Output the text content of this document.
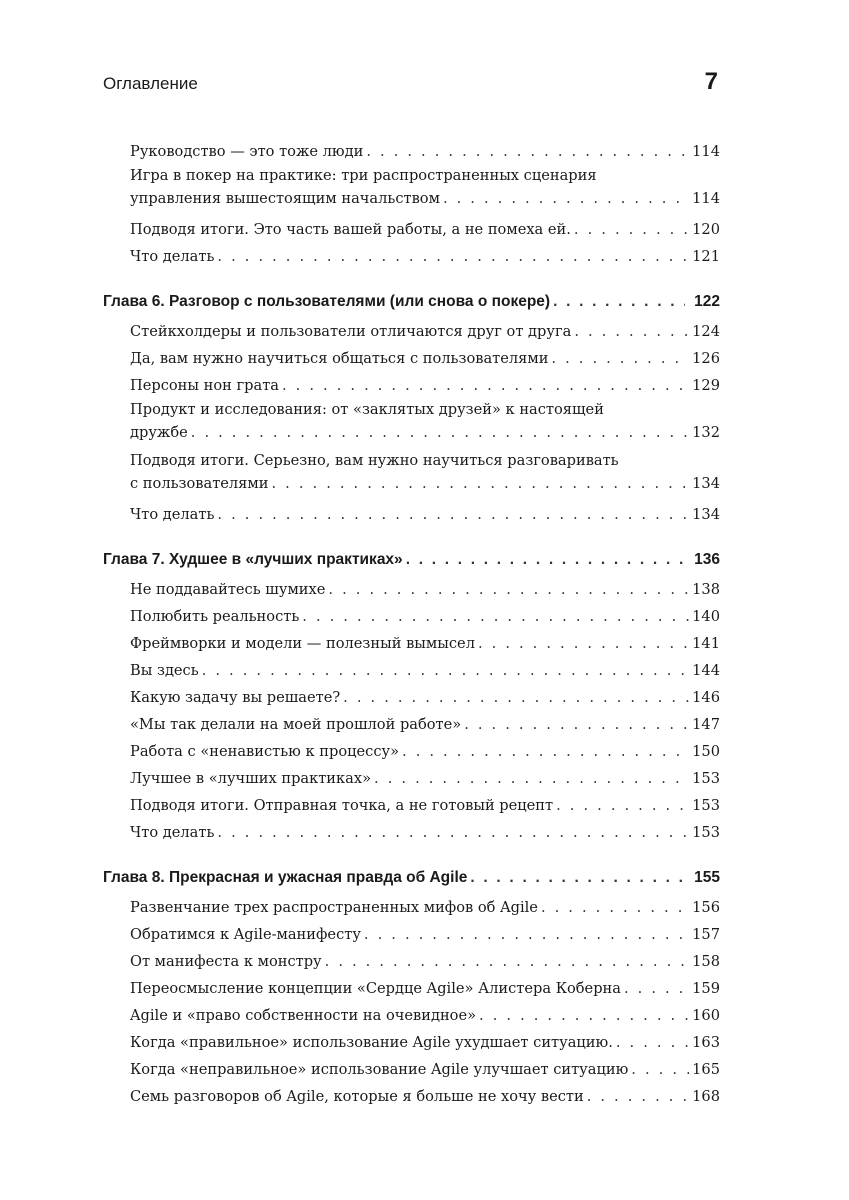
Оглавление	7
Руководство — это тоже люди . . .	114
Игра в покер на практике: три распространенных сценария
управления вышестоящим начальством . . .	114
Подводя итоги. Это часть вашей работы, а не помеха ей. . . .	120
Что делать . . .	121
Глава 6. Разговор с пользователями (или снова о покере) . . .	122
Стейкхолдеры и пользователи отличаются друг от друга . . .	124
Да, вам нужно научиться общаться с пользователями . . .	126
Персоны нон грата . . .	129
Продукт и исследования: от «заклятых друзей» к настоящей
дружбе . . .	132
Подводя итоги. Серьезно, вам нужно научиться разговаривать
с пользователями . . .	134
Что делать . . .	134
Глава 7. Худшее в «лучших практиках» . . .	136
Не поддавайтесь шумихе . . .	138
Полюбить реальность . . .	140
Фреймворки и модели — полезный вымысел . . .	141
Вы здесь . . .	144
Какую задачу вы решаете? . . .	146
«Мы так делали на моей прошлой работе» . . .	147
Работа с «ненавистью к процессу» . . .	150
Лучшее в «лучших практиках» . . .	153
Подводя итоги. Отправная точка, а не готовый рецепт . . .	153
Что делать . . .	153
Глава 8. Прекрасная и ужасная правда об Agile . . .	155
Развенчание трех распространенных мифов об Agile . . .	156
Обратимся к Agile-манифесту . . .	157
От манифеста к монстру . . .	158
Переосмысление концепции «Сердце Agile» Алистера Коберна . . .	159
Agile и «право собственности на очевидное» . . .	160
Когда «правильное» использование Agile ухудшает ситуацию. . . .	163
Когда «неправильное» использование Agile улучшает ситуацию . . .	165
Семь разговоров об Agile, которые я больше не хочу вести . . .	168
